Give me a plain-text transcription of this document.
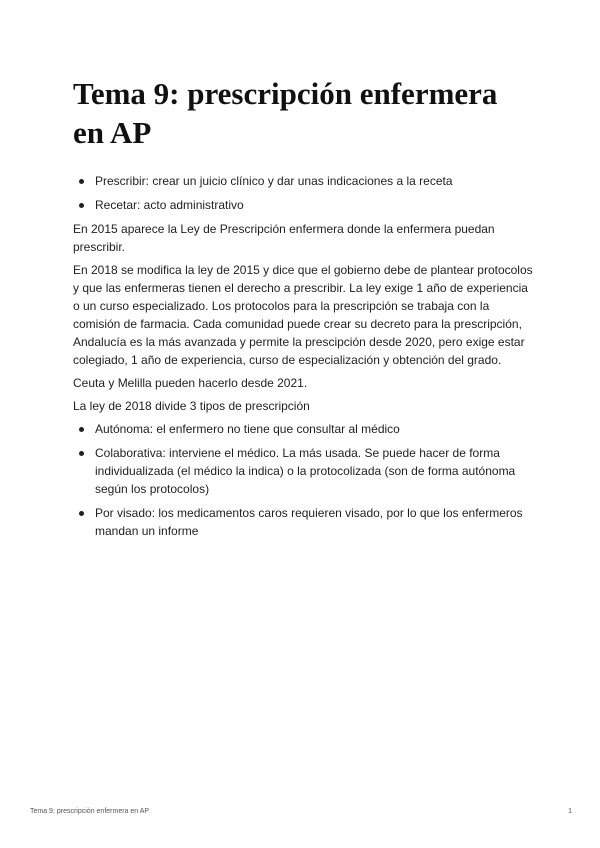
Tema 9: prescripción enfermera en AP
Prescribir: crear un juicio clínico y dar unas indicaciones a la receta
Recetar: acto administrativo

En 2015 aparece la Ley de Prescripción enfermera donde la enfermera puedan prescribir.

En 2018 se modifica la ley de 2015 y dice que el gobierno debe de plantear protocolos y que las enfermeras tienen el derecho a prescribir. La ley exige 1 año de experiencia o un curso especializado. Los protocolos para la prescripción se trabaja con la comisión de farmacia. Cada comunidad puede crear su decreto para la prescripción, Andalucía es la más avanzada y permite la prescipción desde 2020, pero exige estar colegiado, 1 año de experiencia, curso de especialización y obtención del grado.

Ceuta y Melilla pueden hacerlo desde 2021.

La ley de 2018 divide 3 tipos de prescripción

Autónoma: el enfermero no tiene que consultar al médico
Colaborativa: interviene el médico. La más usada. Se puede hacer de forma individualizada (el médico la indica) o la protocolizada (son de forma autónoma según los protocolos)
Por visado: los medicamentos caros requieren visado, por lo que los enfermeros mandan un informe
Tema 9: prescripción enfermera en AP	1
